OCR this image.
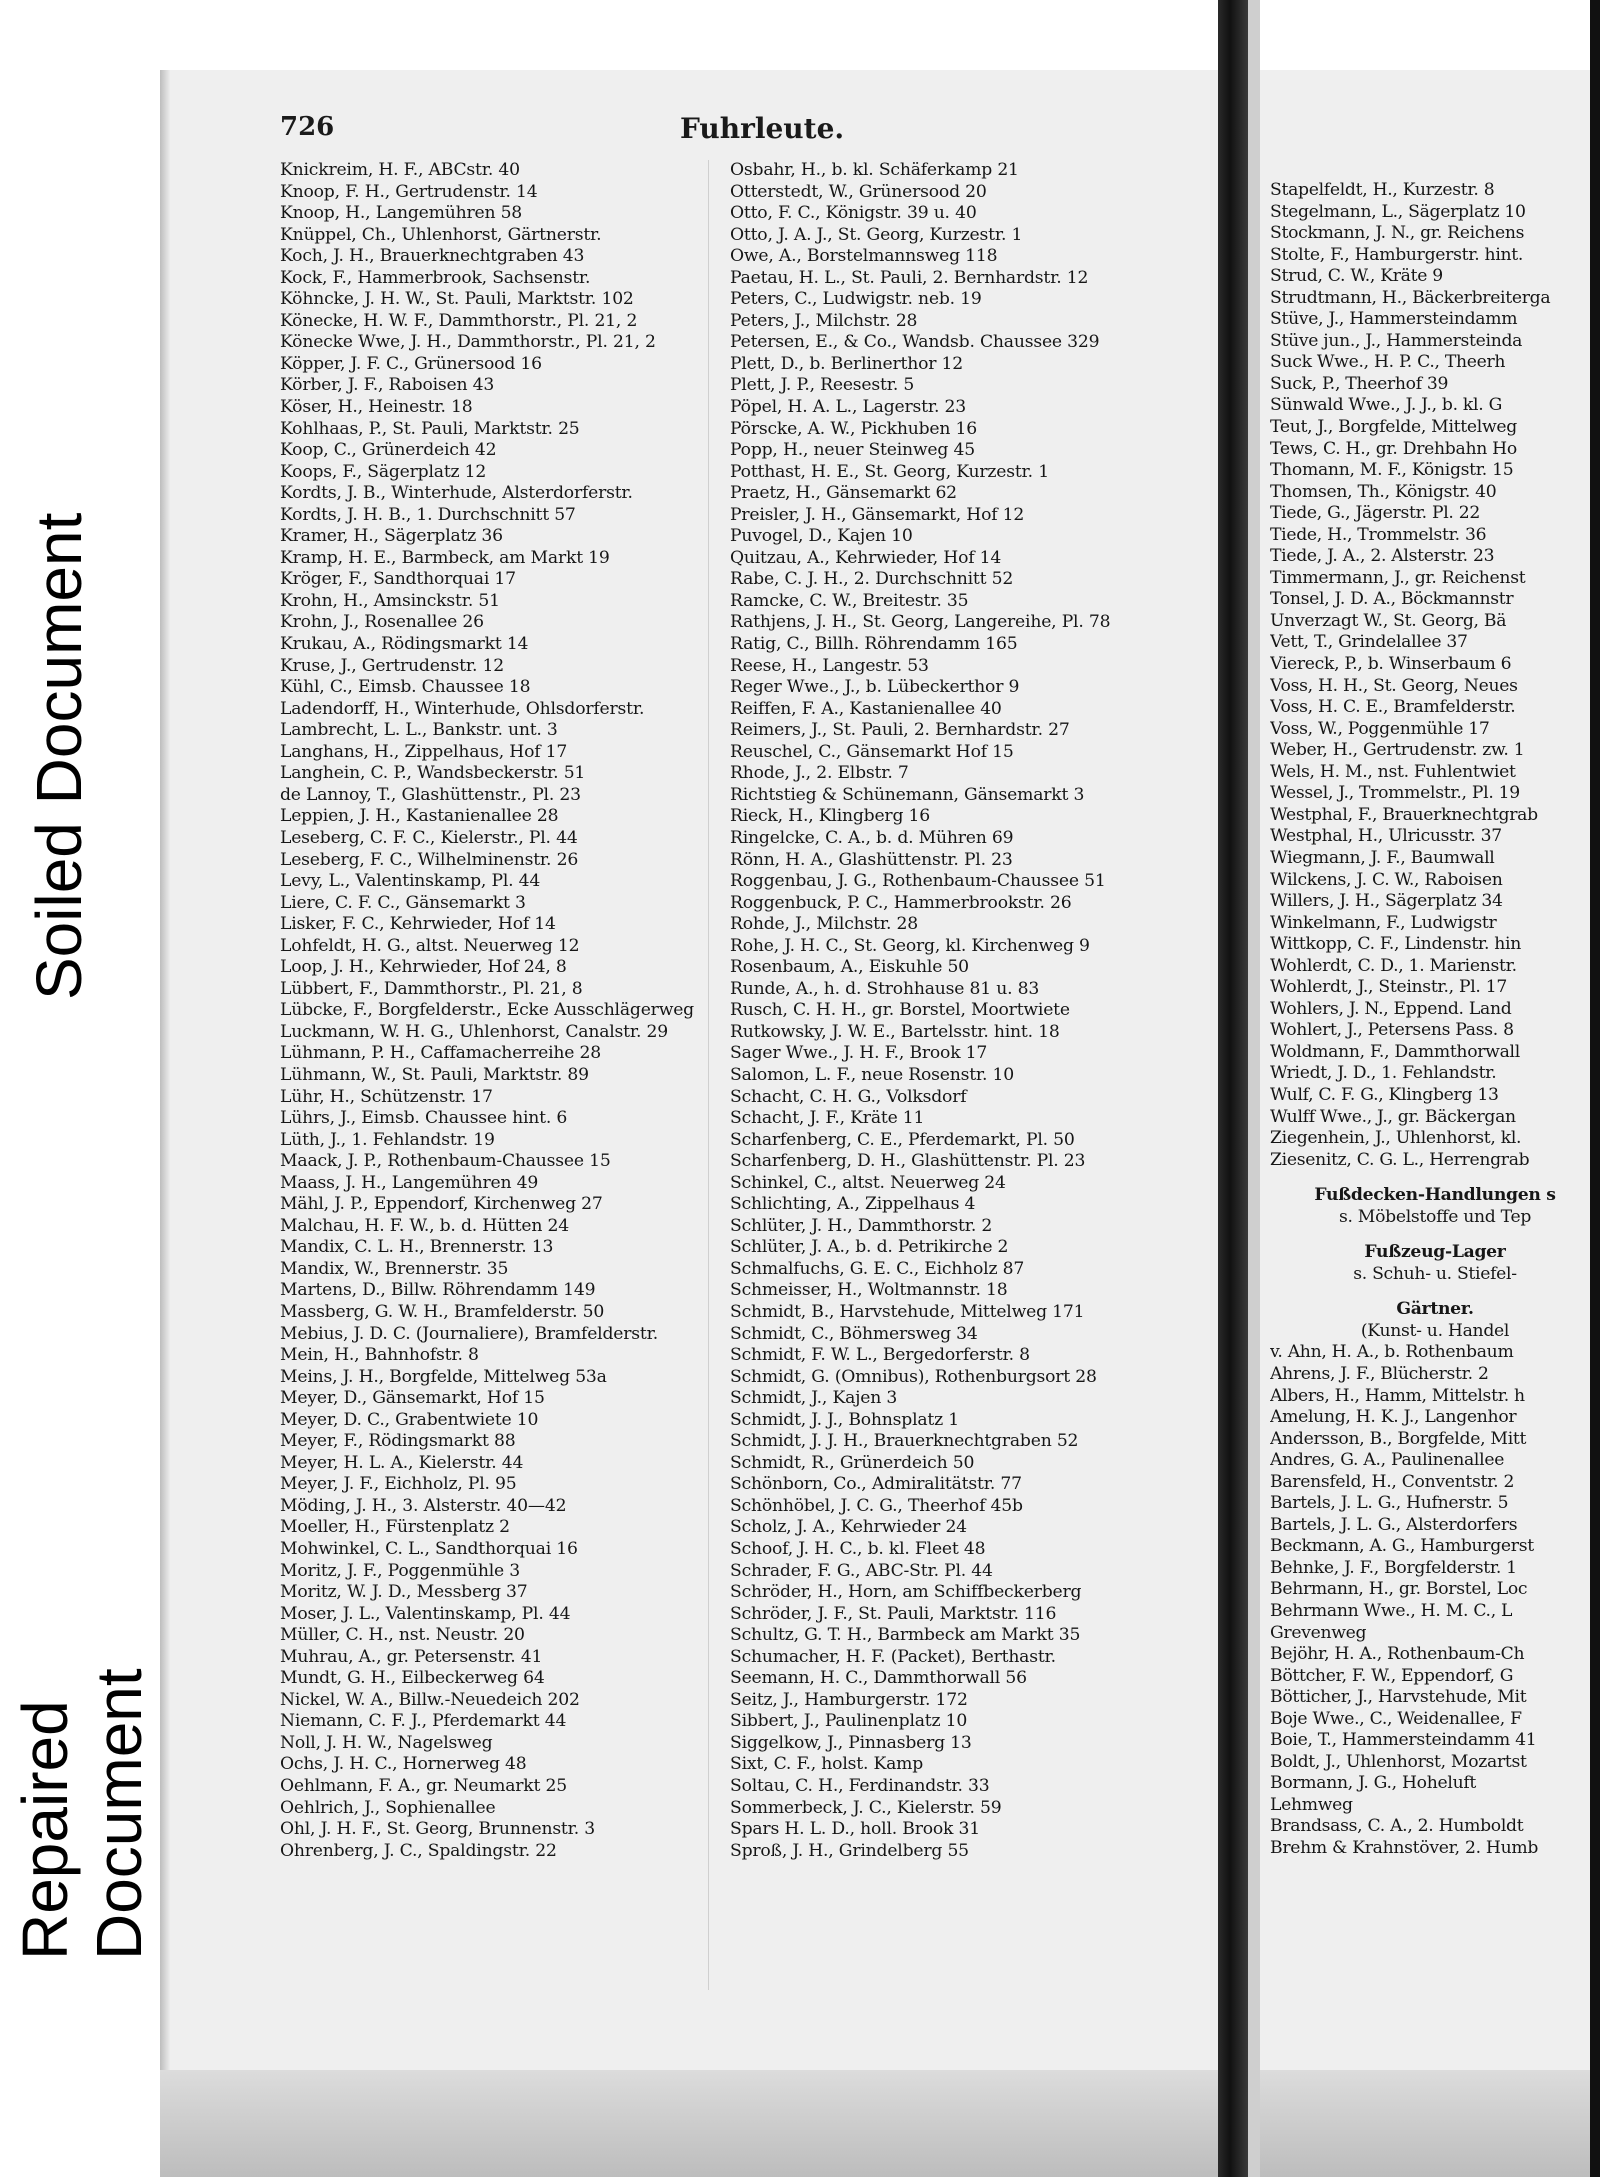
Soiled Document
Repaired Document
726	Fuhrleute.
Knickreim, H. F., ABCstr. 40
Knoop, F. H., Gertrudenstr. 14
Knoop, H., Langemühren 58
Knüppel, Ch., Uhlenhorst, Gärtnerstr.
Koch, J. H., Brauerknechtgraben 43
Kock, F., Hammerbrook, Sachsenstr.
Köhncke, J. H. W., St. Pauli, Marktstr. 102
Könecke, H. W. F., Dammthorstr., Pl. 21, 2
Könecke Wwe, J. H., Dammthorstr., Pl. 21, 2
Köpper, J. F. C., Grünersood 16
Körber, J. F., Raboisen 43
Köser, H., Heinestr. 18
Kohlhaas, P., St. Pauli, Marktstr. 25
Koop, C., Grünerdeich 42
Koops, F., Sägerplatz 12
Kordts, J. B., Winterhude, Alsterdorferstr.
Kordts, J. H. B., 1. Durchschnitt 57
Kramer, H., Sägerplatz 36
Kramp, H. E., Barmbeck, am Markt 19
Kröger, F., Sandthorquai 17
Krohn, H., Amsinckstr. 51
Krohn, J., Rosenallee 26
Krukau, A., Rödingsmarkt 14
Kruse, J., Gertrudenstr. 12
Kühl, C., Eimsb. Chaussee 18
Ladendorff, H., Winterhude, Ohlsdorferstr.
Lambrecht, L. L., Bankstr. unt. 3
Langhans, H., Zippelhaus, Hof 17
Langhein, C. P., Wandsbeckerstr. 51
de Lannoy, T., Glashüttenstr., Pl. 23
Leppien, J. H., Kastanienallee 28
Leseberg, C. F. C., Kielerstr., Pl. 44
Leseberg, F. C., Wilhelminenstr. 26
Levy, L., Valentinskamp, Pl. 44
Liere, C. F. C., Gänsemarkt 3
Lisker, F. C., Kehrwieder, Hof 14
Lohfeldt, H. G., altst. Neuerweg 12
Loop, J. H., Kehrwieder, Hof 24, 8
Lübbert, F., Dammthorstr., Pl. 21, 8
Lübcke, F., Borgfelderstr., Ecke Ausschlägerweg
Luckmann, W. H. G., Uhlenhorst, Canalstr. 29
Lühmann, P. H., Caffamacherreihe 28
Lühmann, W., St. Pauli, Marktstr. 89
Lühr, H., Schützenstr. 17
Lührs, J., Eimsb. Chaussee hint. 6
Lüth, J., 1. Fehlandstr. 19
Maack, J. P., Rothenbaum-Chaussee 15
Maass, J. H., Langemühren 49
Mähl, J. P., Eppendorf, Kirchenweg 27
Malchau, H. F. W., b. d. Hütten 24
Mandix, C. L. H., Brennerstr. 13
Mandix, W., Brennerstr. 35
Martens, D., Billw. Röhrendamm 149
Massberg, G. W. H., Bramfelderstr. 50
Mebius, J. D. C. (Journaliere), Bramfelderstr.
Mein, H., Bahnhofstr. 8
Meins, J. H., Borgfelde, Mittelweg 53a
Meyer, D., Gänsemarkt, Hof 15
Meyer, D. C., Grabentwiete 10
Meyer, F., Rödingsmarkt 88
Meyer, H. L. A., Kielerstr. 44
Meyer, J. F., Eichholz, Pl. 95
Möding, J. H., 3. Alsterstr. 40—42
Moeller, H., Fürstenplatz 2
Mohwinkel, C. L., Sandthorquai 16
Moritz, J. F., Poggenmühle 3
Moritz, W. J. D., Messberg 37
Moser, J. L., Valentinskamp, Pl. 44
Müller, C. H., nst. Neustr. 20
Muhrau, A., gr. Petersenstr. 41
Mundt, G. H., Eilbeckerweg 64
Nickel, W. A., Billw.-Neuedeich 202
Niemann, C. F. J., Pferdemarkt 44
Noll, J. H. W., Nagelsweg
Ochs, J. H. C., Hornerweg 48
Oehlmann, F. A., gr. Neumarkt 25
Oehlrich, J., Sophienallee
Ohl, J. H. F., St. Georg, Brunnenstr. 3
Ohrenberg, J. C., Spaldingstr. 22
Osbahr, H., b. kl. Schäferkamp 21
Otterstedt, W., Grünersood 20
Otto, F. C., Königstr. 39 u. 40
Otto, J. A. J., St. Georg, Kurzestr. 1
Owe, A., Borstelmannsweg 118
Paetau, H. L., St. Pauli, 2. Bernhardstr. 12
Peters, C., Ludwigstr. neb. 19
Peters, J., Milchstr. 28
Petersen, E., & Co., Wandsb. Chaussee 329
Plett, D., b. Berlinerthor 12
Plett, J. P., Reesestr. 5
Pöpel, H. A. L., Lagerstr. 23
Pörscke, A. W., Pickhuben 16
Popp, H., neuer Steinweg 45
Potthast, H. E., St. Georg, Kurzestr. 1
Praetz, H., Gänsemarkt 62
Preisler, J. H., Gänsemarkt, Hof 12
Puvogel, D., Kajen 10
Quitzau, A., Kehrwieder, Hof 14
Rabe, C. J. H., 2. Durchschnitt 52
Ramcke, C. W., Breitestr. 35
Rathjens, J. H., St. Georg, Langereihe, Pl. 78
Ratig, C., Billh. Röhrendamm 165
Reese, H., Langestr. 53
Reger Wwe., J., b. Lübeckerthor 9
Reiffen, F. A., Kastanienallee 40
Reimers, J., St. Pauli, 2. Bernhardstr. 27
Reuschel, C., Gänsemarkt Hof 15
Rhode, J., 2. Elbstr. 7
Richtstieg & Schünemann, Gänsemarkt 3
Rieck, H., Klingberg 16
Ringelcke, C. A., b. d. Mühren 69
Rönn, H. A., Glashüttenstr. Pl. 23
Roggenbau, J. G., Rothenbaum-Chaussee 51
Roggenbuck, P. C., Hammerbrookstr. 26
Rohde, J., Milchstr. 28
Rohe, J. H. C., St. Georg, kl. Kirchenweg 9
Rosenbaum, A., Eiskuhle 50
Runde, A., h. d. Strohhause 81 u. 83
Rusch, C. H. H., gr. Borstel, Moortwiete
Rutkowsky, J. W. E., Bartelsstr. hint. 18
Sager Wwe., J. H. F., Brook 17
Salomon, L. F., neue Rosenstr. 10
Schacht, C. H. G., Volksdorf
Schacht, J. F., Kräte 11
Scharfenberg, C. E., Pferdemarkt, Pl. 50
Scharfenberg, D. H., Glashüttenstr. Pl. 23
Schinkel, C., altst. Neuerweg 24
Schlichting, A., Zippelhaus 4
Schlüter, J. H., Dammthorstr. 2
Schlüter, J. A., b. d. Petrikirche 2
Schmalfuchs, G. E. C., Eichholz 87
Schmeisser, H., Woltmannstr. 18
Schmidt, B., Harvstehude, Mittelweg 171
Schmidt, C., Böhmersweg 34
Schmidt, F. W. L., Bergedorferstr. 8
Schmidt, G. (Omnibus), Rothenburgsort 28
Schmidt, J., Kajen 3
Schmidt, J. J., Bohnsplatz 1
Schmidt, J. J. H., Brauerknechtgraben 52
Schmidt, R., Grünerdeich 50
Schönborn, Co., Admiralitätstr. 77
Schönhöbel, J. C. G., Theerhof 45b
Scholz, J. A., Kehrwieder 24
Schoof, J. H. C., b. kl. Fleet 48
Schrader, F. G., ABC-Str. Pl. 44
Schröder, H., Horn, am Schiffbeckerberg
Schröder, J. F., St. Pauli, Marktstr. 116
Schultz, G. T. H., Barmbeck am Markt 35
Schumacher, H. F. (Packet), Berthastr.
Seemann, H. C., Dammthorwall 56
Seitz, J., Hamburgerstr. 172
Sibbert, J., Paulinenplatz 10
Siggelkow, J., Pinnasberg 13
Sixt, C. F., holst. Kamp
Soltau, C. H., Ferdinandstr. 33
Sommerbeck, J. C., Kielerstr. 59
Spars H. L. D., holl. Brook 31
Sproß, J. H., Grindelberg 55
Stapelfeldt, H., Kurzestr. 8
Stegelmann, L., Sägerplatz 10
Stockmann, J. N., gr. Reichens
Stolte, F., Hamburgerstr. hint.
Strud, C. W., Kräte 9
Strudtmann, H., Bäckerbreiterga
Stüve, J., Hammersteindamm
Stüve jun., J., Hammersteinda
Suck Wwe., H. P. C., Theerh
Suck, P., Theerhof 39
Sünwald Wwe., J. J., b. kl. G
Teut, J., Borgfelde, Mittelweg
Tews, C. H., gr. Drehbahn Ho
Thomann, M. F., Königstr. 15
Thomsen, Th., Königstr. 40
Tiede, G., Jägerstr. Pl. 22
Tiede, H., Trommelstr. 36
Tiede, J. A., 2. Alsterstr. 23
Timmermann, J., gr. Reichenst
Tonsel, J. D. A., Böckmannstr
Unverzagt W., St. Georg, Bä
Vett, T., Grindelallee 37
Viereck, P., b. Winserbaum 6
Voss, H. H., St. Georg, Neues
Voss, H. C. E., Bramfelderstr.
Voss, W., Poggenmühle 17
Weber, H., Gertrudenstr. zw. 1
Wels, H. M., nst. Fuhlentwiet
Wessel, J., Trommelstr., Pl. 19
Westphal, F., Brauerknechtgrab
Westphal, H., Ulricusstr. 37
Wiegmann, J. F., Baumwall
Wilckens, J. C. W., Raboisen
Willers, J. H., Sägerplatz 34
Winkelmann, F., Ludwigstr
Wittkopp, C. F., Lindenstr. hin
Wohlerdt, C. D., 1. Marienstr.
Wohlerdt, J., Steinstr., Pl. 17
Wohlers, J. N., Eppend. Land
Wohlert, J., Petersens Pass. 8
Woldmann, F., Dammthorwall
Wriedt, J. D., 1. Fehlandstr.
Wulf, C. F. G., Klingberg 13
Wulff Wwe., J., gr. Bäckergan
Ziegenhein, J., Uhlenhorst, kl.
Ziesenitz, C. G. L., Herrengrab
Fußdecken-Handlungen s
s. Möbelstoffe und Tep
Fußzeug-Lager
s. Schuh- u. Stiefel-
Gärtner.
(Kunst- u. Handel
v. Ahn, H. A., b. Rothenbaum
Ahrens, J. F., Blücherstr. 2
Albers, H., Hamm, Mittelstr. h
Amelung, H. K. J., Langenhor
Andersson, B., Borgfelde, Mitt
Andres, G. A., Paulinenallee
Barensfeld, H., Conventstr. 2
Bartels, J. L. G., Hufnerstr. 5
Bartels, J. L. G., Alsterdorfers
Beckmann, A. G., Hamburgerst
Behnke, J. F., Borgfelderstr. 1
Behrmann, H., gr. Borstel, Loc
Behrmann Wwe., H. M. C., L
Grevenweg
Bejöhr, H. A., Rothenbaum-Ch
Böttcher, F. W., Eppendorf, G
Bötticher, J., Harvstehude, Mit
Boje Wwe., C., Weidenallee, F
Boie, T., Hammersteindamm 41
Boldt, J., Uhlenhorst, Mozartst
Bormann, J. G., Hoheluft
Lehmweg
Brandsass, C. A., 2. Humboldt
Brehm & Krahnstöver, 2. Humb
